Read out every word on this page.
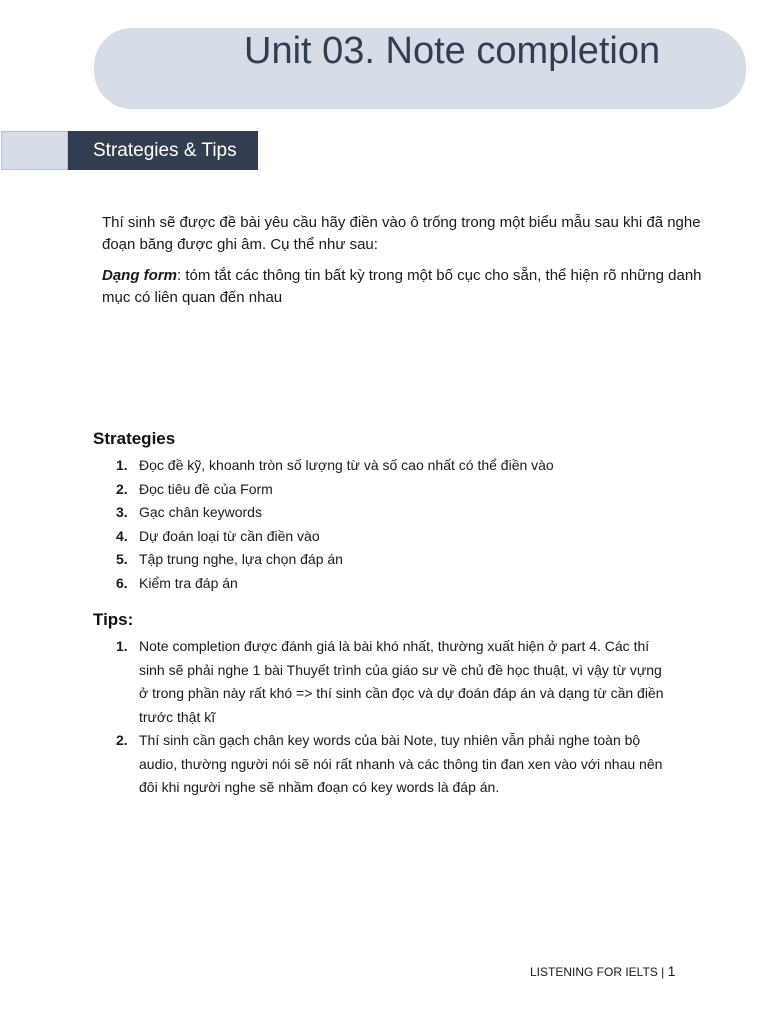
Unit 03. Note completion
Strategies & Tips

Thí sinh sẽ được đề bài yêu cầu hãy điền vào ô trống trong một biểu mẫu sau khi đã nghe đoạn băng được ghi âm. Cụ thể như sau:

Dạng form: tóm tắt các thông tin bất kỳ trong một bố cục cho sẵn, thể hiện rõ những danh mục có liên quan đến nhau

Strategies
1. Đọc đề kỹ, khoanh tròn số lượng từ và số cao nhất có thể điền vào
2. Đọc tiêu đề của Form
3. Gạc chân keywords
4. Dự đoán loại từ cần điền vào
5. Tập trung nghe, lựa chọn đáp án
6. Kiểm tra đáp án
Tips:
1. Note completion được đánh giá là bài khó nhất, thường xuất hiện ở part 4. Các thí sinh sẽ phải nghe 1 bài Thuyết trình của giáo sư về chủ đề học thuật, vì vậy từ vựng ở trong phần này rất khó => thí sinh cần đọc và dự đoán đáp án và dạng từ cần điền trước thật kĩ
2. Thí sinh cần gạch chân key words của bài Note, tuy nhiên vẫn phải nghe toàn bộ audio, thường người nói sẽ nói rất nhanh và các thông tin đan xen vào với nhau nên đôi khi người nghe sẽ nhầm đoạn có key words là đáp án.
LISTENING FOR IELTS | 1
